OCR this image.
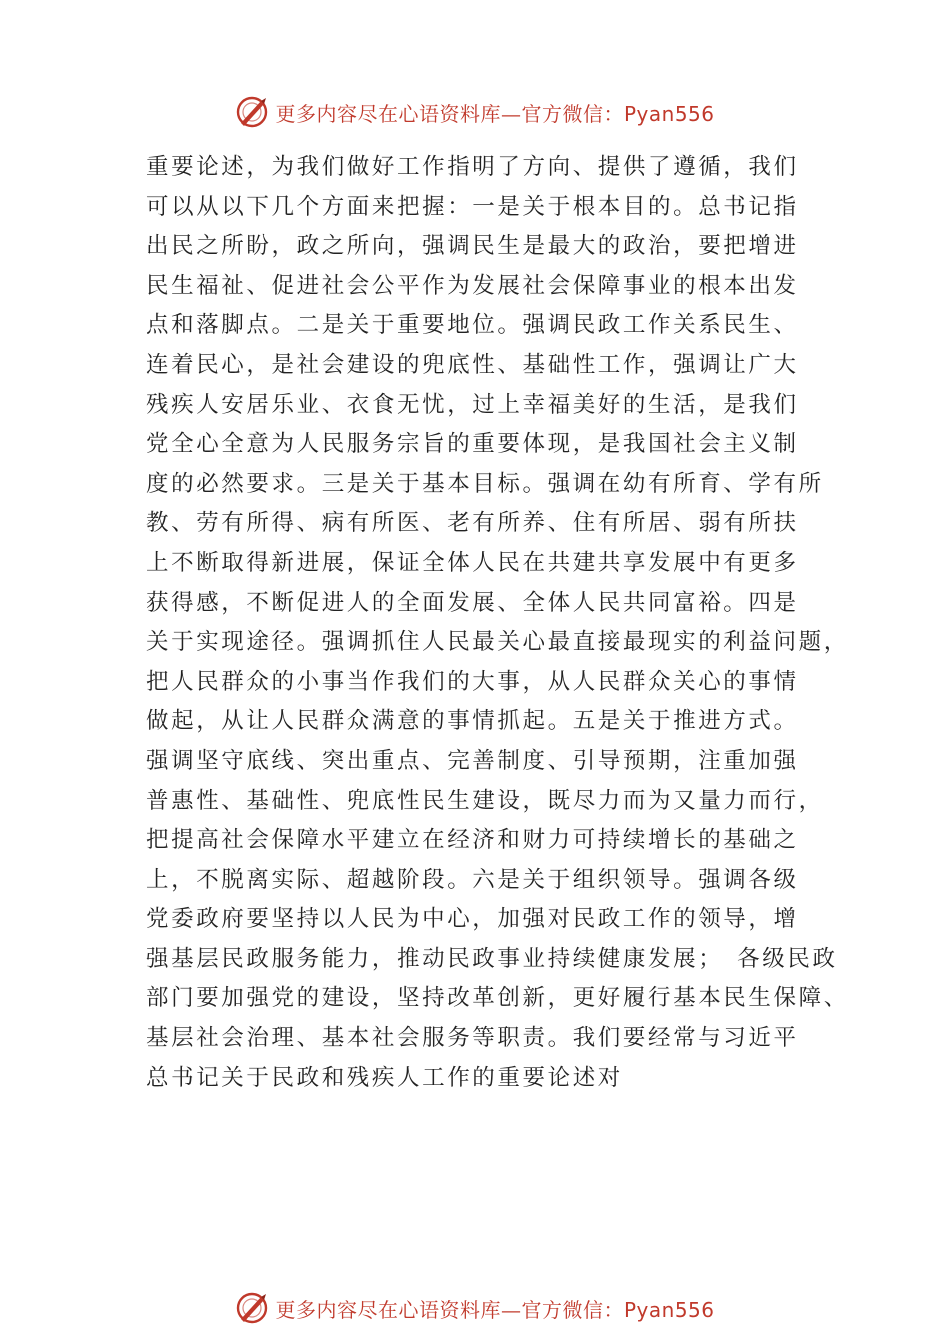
更多内容尽在心语资料库—官方微信：Pyan556
重要论述，为我们做好工作指明了方向、提供了遵循，我们
可以从以下几个方面来把握：一是关于根本目的。总书记指
出民之所盼，政之所向，强调民生是最大的政治，要把增进
民生福祉、促进社会公平作为发展社会保障事业的根本出发
点和落脚点。二是关于重要地位。强调民政工作关系民生、
连着民心，是社会建设的兜底性、基础性工作，强调让广大
残疾人安居乐业、衣食无忧，过上幸福美好的生活，是我们
党全心全意为人民服务宗旨的重要体现，是我国社会主义制
度的必然要求。三是关于基本目标。强调在幼有所育、学有所
教、劳有所得、病有所医、老有所养、住有所居、弱有所扶
上不断取得新进展，保证全体人民在共建共享发展中有更多
获得感，不断促进人的全面发展、全体人民共同富裕。四是
关于实现途径。强调抓住人民最关心最直接最现实的利益问题，
把人民群众的小事当作我们的大事，从人民群众关心的事情
做起，从让人民群众满意的事情抓起。五是关于推进方式。
强调坚守底线、突出重点、完善制度、引导预期，注重加强
普惠性、基础性、兜底性民生建设，既尽力而为又量力而行，
把提高社会保障水平建立在经济和财力可持续增长的基础之
上，不脱离实际、超越阶段。六是关于组织领导。强调各级
党委政府要坚持以人民为中心，加强对民政工作的领导，增
强基层民政服务能力，推动民政事业持续健康发展；　各级民政
部门要加强党的建设，坚持改革创新，更好履行基本民生保障、
基层社会治理、基本社会服务等职责。我们要经常与习近平
总书记关于民政和残疾人工作的重要论述对
更多内容尽在心语资料库—官方微信：Pyan556
